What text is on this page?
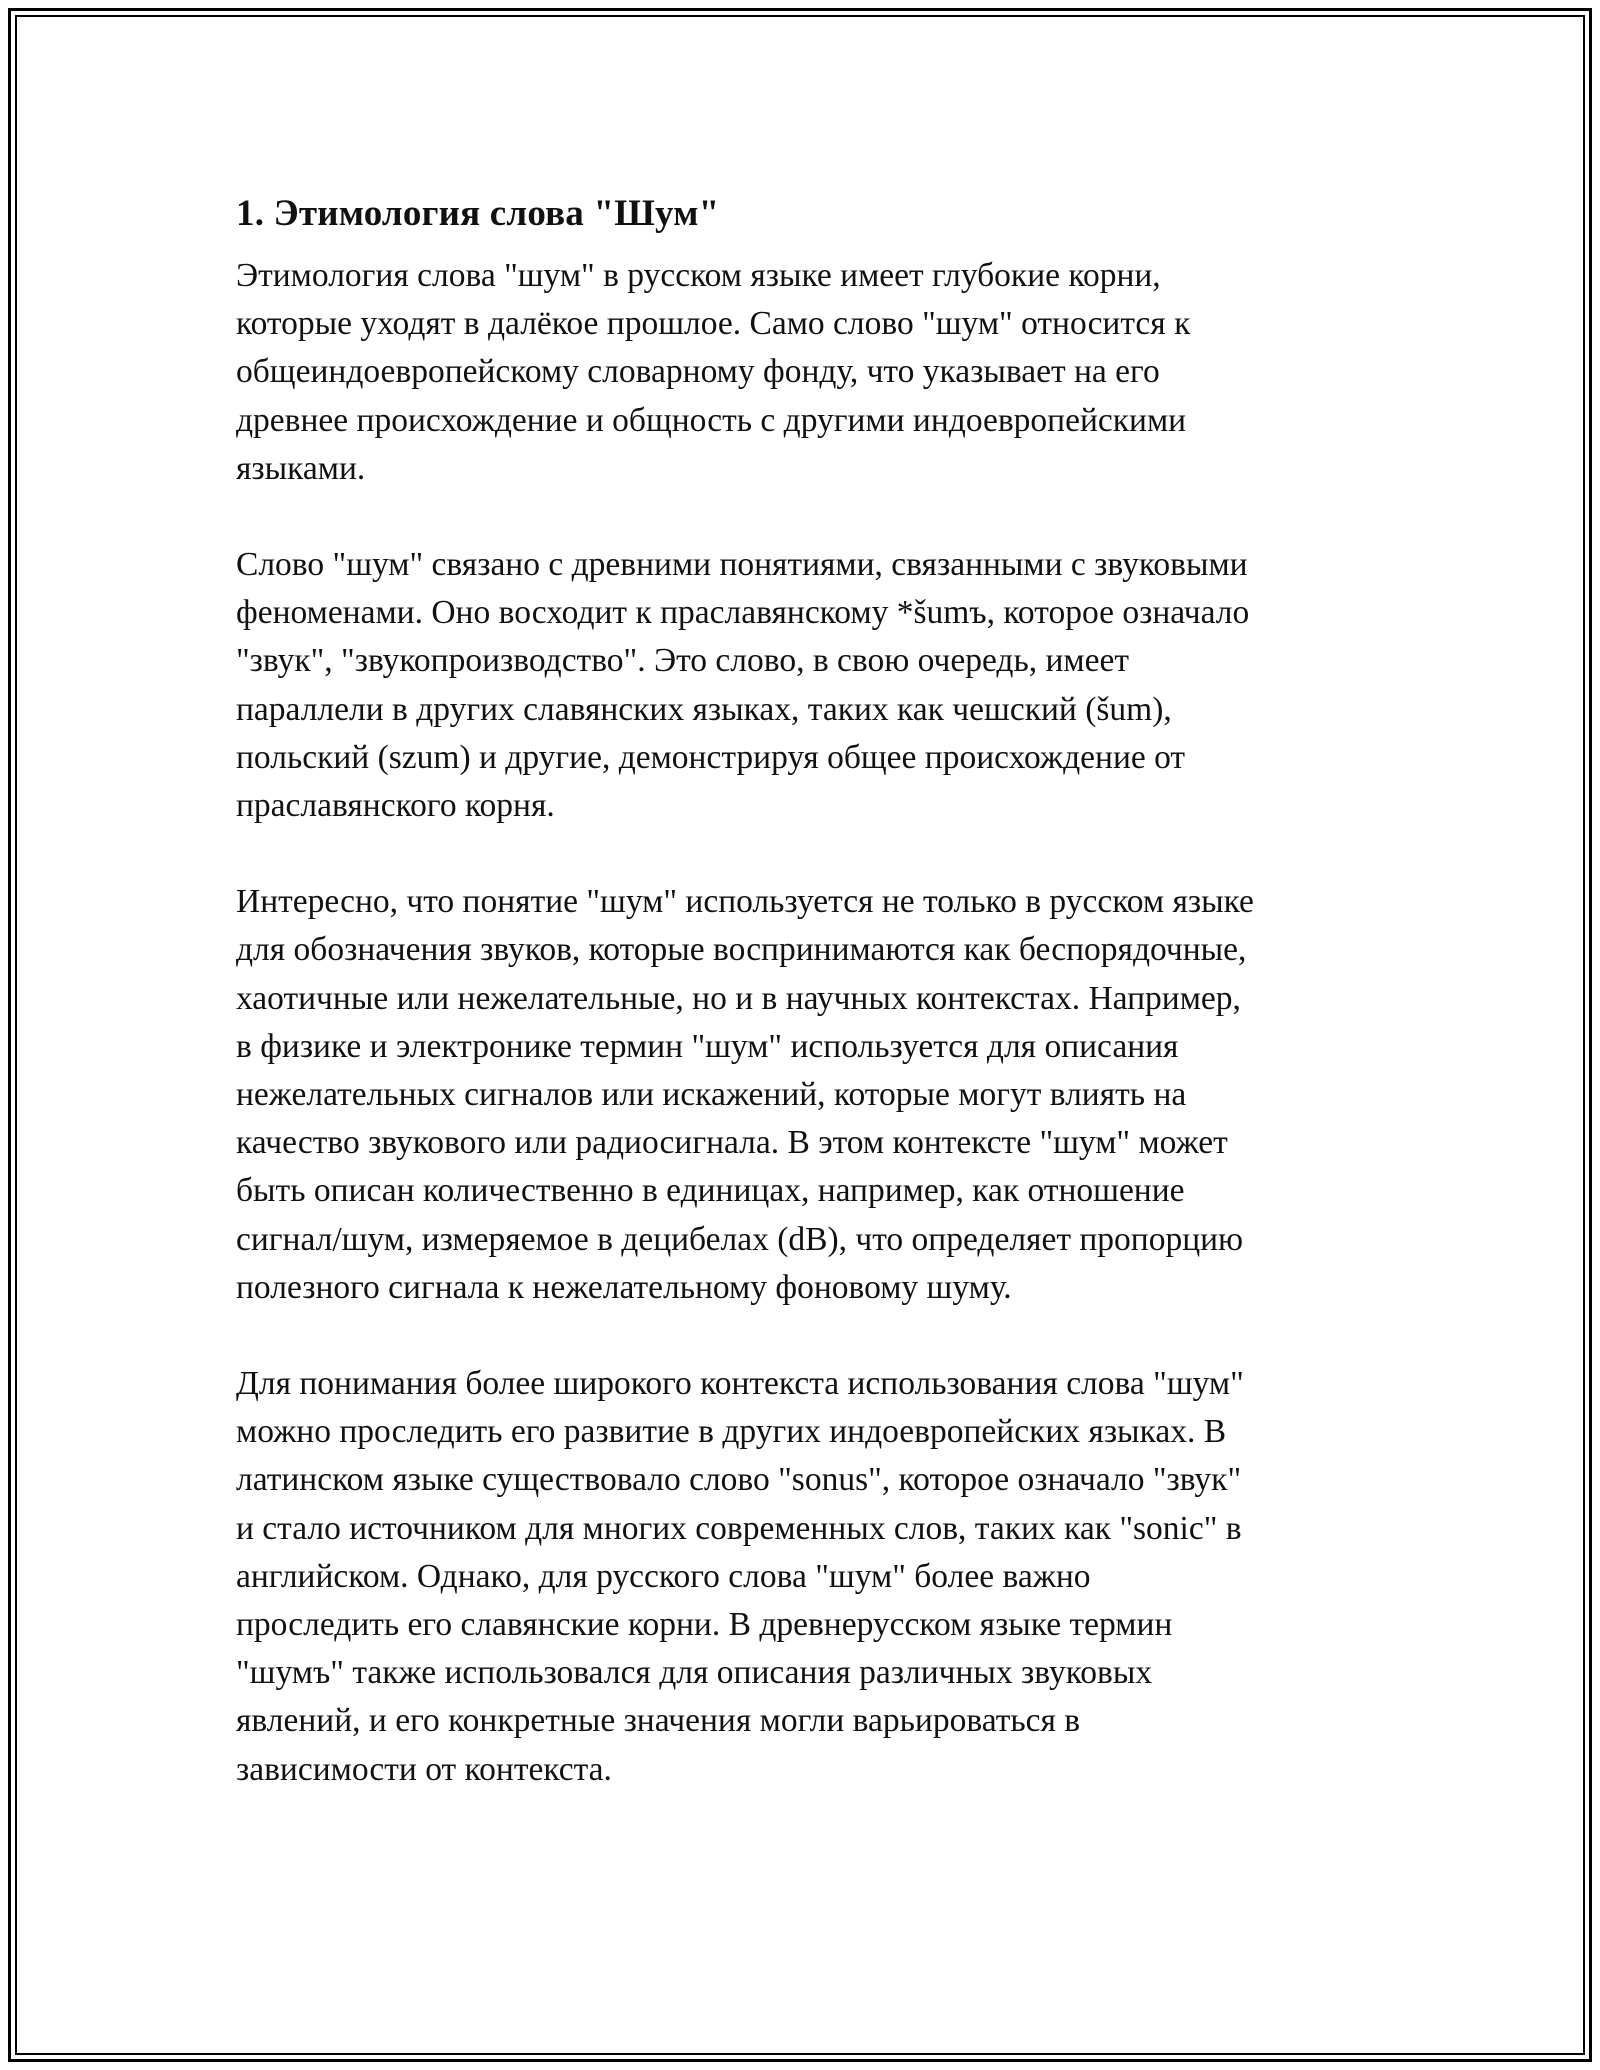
1. Этимология слова "Шум"

Этимология слова "шум" в русском языке имеет глубокие корни,
которые уходят в далёкое прошлое. Само слово "шум" относится к
общеиндоевропейскому словарному фонду, что указывает на его
древнее происхождение и общность с другими индоевропейскими
языками.

Слово "шум" связано с древними понятиями, связанными с звуковыми
феноменами. Оно восходит к праславянскому *šumъ, которое означало
"звук", "звукопроизводство". Это слово, в свою очередь, имеет
параллели в других славянских языках, таких как чешский (šum),
польский (szum) и другие, демонстрируя общее происхождение от
праславянского корня.

Интересно, что понятие "шум" используется не только в русском языке
для обозначения звуков, которые воспринимаются как беспорядочные,
хаотичные или нежелательные, но и в научных контекстах. Например,
в физике и электронике термин "шум" используется для описания
нежелательных сигналов или искажений, которые могут влиять на
качество звукового или радиосигнала. В этом контексте "шум" может
быть описан количественно в единицах, например, как отношение
сигнал/шум, измеряемое в децибелах (dB), что определяет пропорцию
полезного сигнала к нежелательному фоновому шуму.

Для понимания более широкого контекста использования слова "шум"
можно проследить его развитие в других индоевропейских языках. В
латинском языке существовало слово "sonus", которое означало "звук"
и стало источником для многих современных слов, таких как "sonic" в
английском. Однако, для русского слова "шум" более важно
проследить его славянские корни. В древнерусском языке термин
"шумъ" также использовался для описания различных звуковых
явлений, и его конкретные значения могли варьироваться в
зависимости от контекста.
